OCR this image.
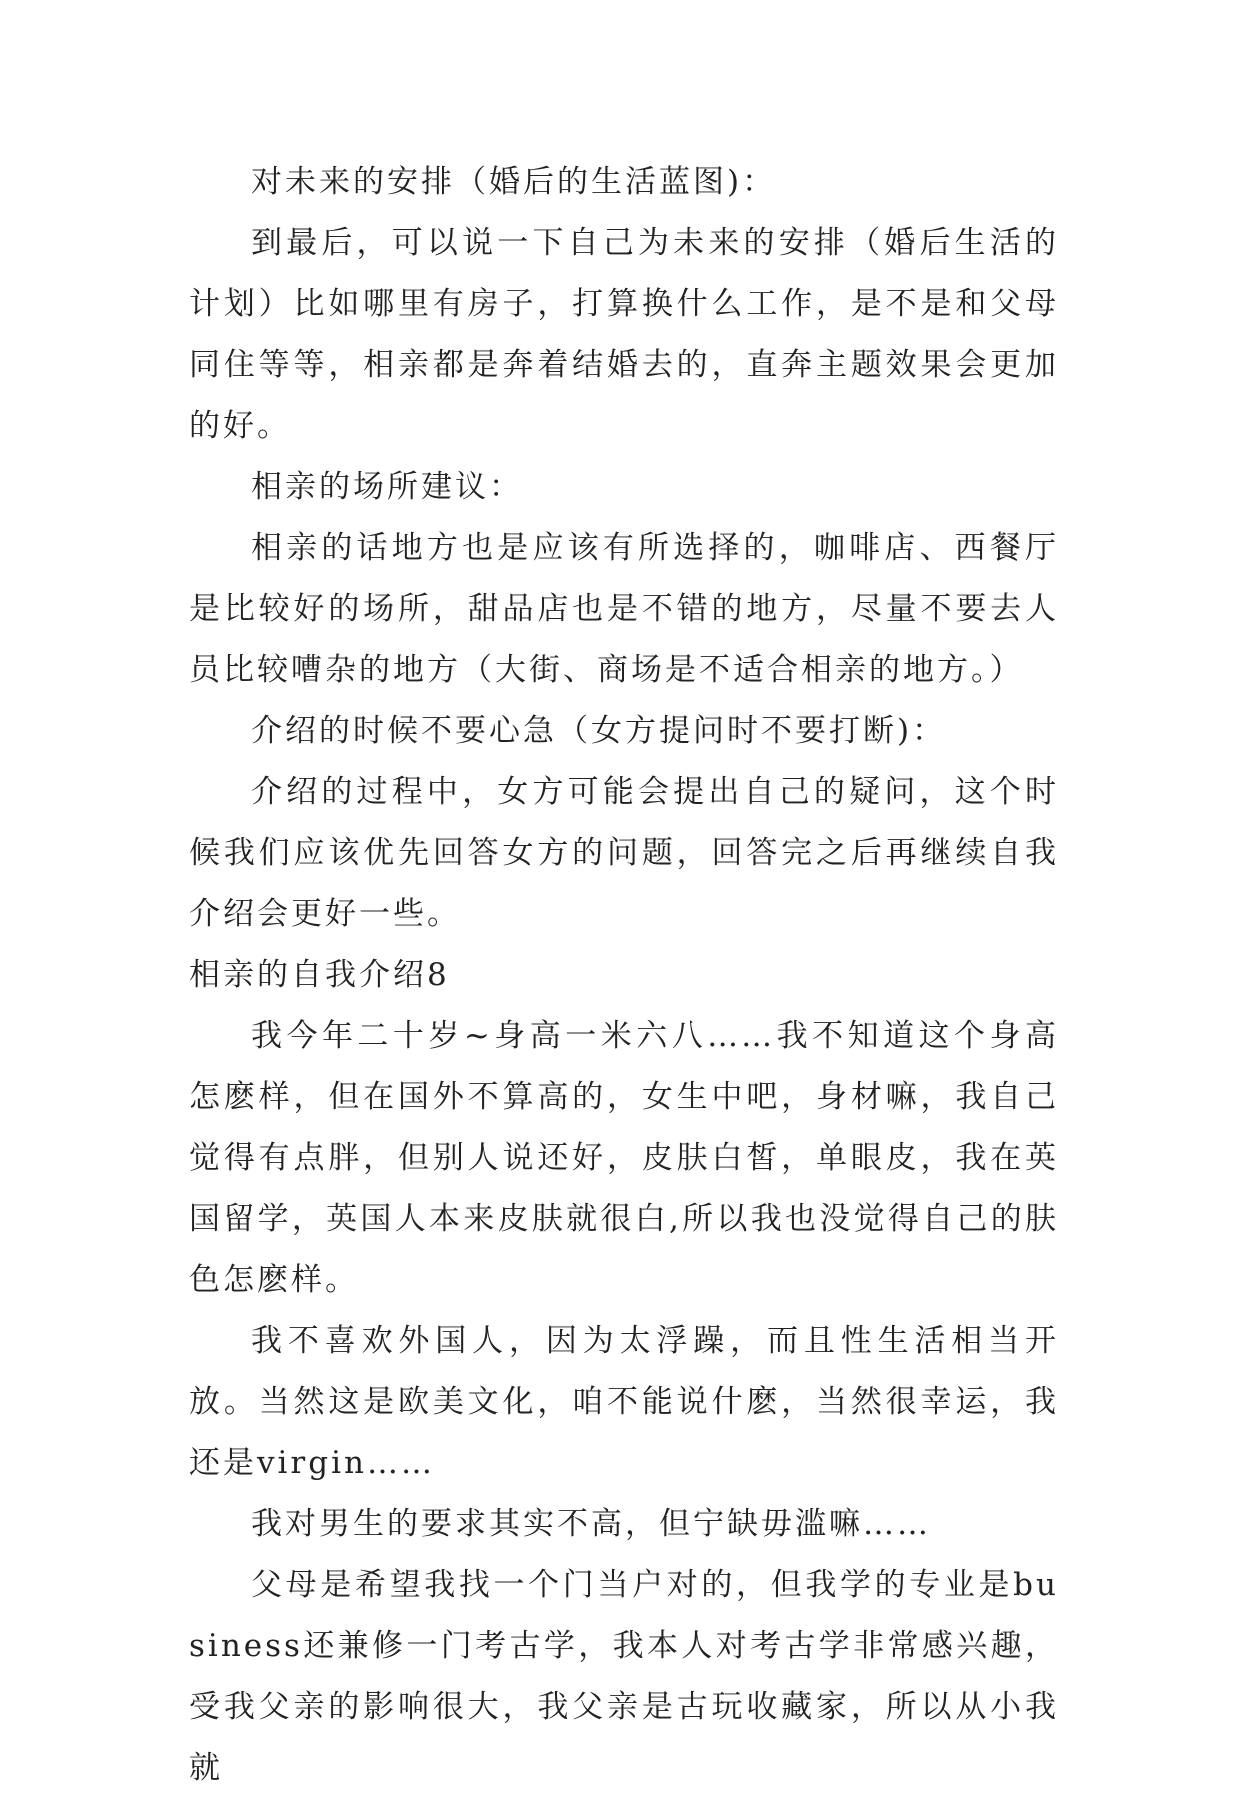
对未来的安排（婚后的生活蓝图)：

到最后，可以说一下自己为未来的安排（婚后生活的计划）比如哪里有房子，打算换什么工作，是不是和父母同住等等，相亲都是奔着结婚去的，直奔主题效果会更加的好。

相亲的场所建议：

相亲的话地方也是应该有所选择的，咖啡店、西餐厅是比较好的场所，甜品店也是不错的地方，尽量不要去人员比较嘈杂的地方（大街、商场是不适合相亲的地方。）

介绍的时候不要心急（女方提问时不要打断)：

介绍的过程中，女方可能会提出自己的疑问，这个时候我们应该优先回答女方的问题，回答完之后再继续自我介绍会更好一些。

相亲的自我介绍8

我今年二十岁~身高一米六八……我不知道这个身高怎麽样，但在国外不算高的，女生中吧，身材嘛，我自己觉得有点胖，但别人说还好，皮肤白皙，单眼皮，我在英国留学，英国人本来皮肤就很白,所以我也没觉得自己的肤色怎麽样。

我不喜欢外国人，因为太浮躁，而且性生活相当开放。当然这是欧美文化，咱不能说什麽，当然很幸运，我还是virgin……

我对男生的要求其实不高，但宁缺毋滥嘛……

父母是希望我找一个门当户对的，但我学的专业是business还兼修一门考古学，我本人对考古学非常感兴趣，受我父亲的影响很大，我父亲是古玩收藏家，所以从小我就
